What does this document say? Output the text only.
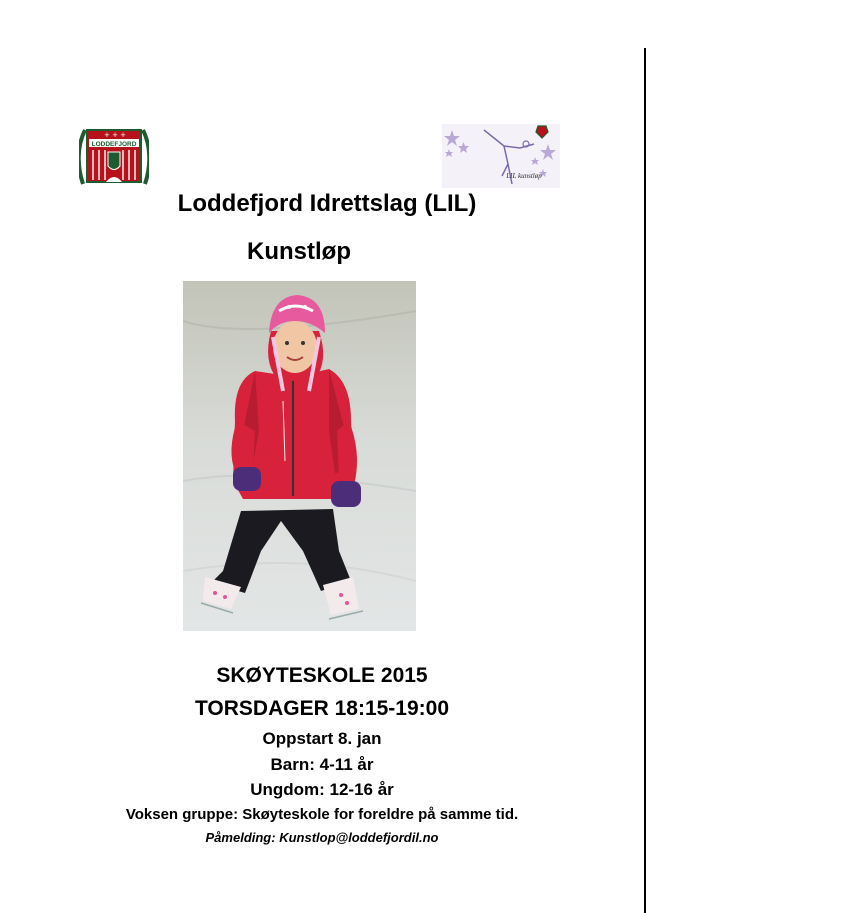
+ + +
LODDEFJORD
LIL kunstløp
Loddefjord Idrettslag (LIL)
Kunstløp
SKØYTESKOLE 2015
TORSDAGER 18:15-19:00
Oppstart 8. jan
Barn: 4-11 år
Ungdom: 12-16 år
Voksen gruppe: Skøyteskole for foreldre på samme tid.
Påmelding: Kunstlop@loddefjordil.no
